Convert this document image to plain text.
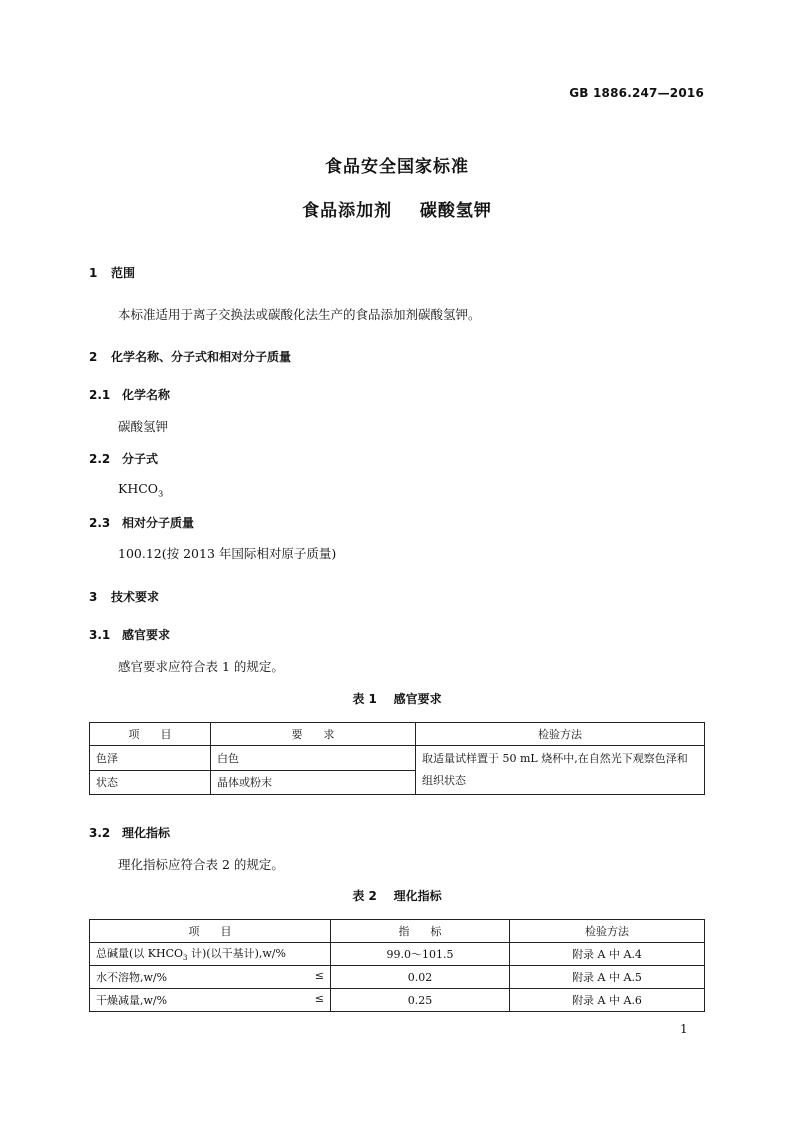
GB 1886.247—2016
食品安全国家标准
食品添加剂    碳酸氢钾
1 范围
本标准适用于离子交换法或碳酸化法生产的食品添加剂碳酸氢钾。
2 化学名称、分子式和相对分子质量
2.1 化学名称
碳酸氢钾
2.2 分子式
$KHCO_3$
2.3 相对分子质量
100.12(按 2013 年国际相对原子质量)
3 技术要求
3.1 感官要求
感官要求应符合表 1 的规定。
表 1    感官要求
项      目	要      求	检验方法
色泽	白色	取适量试样置于 50 mL 烧杯中,在自然光下观察色泽和组织状态
状态	晶体或粉末	
3.2 理化指标
理化指标应符合表 2 的规定。
表 2    理化指标
项      目	指      标	检验方法
总碱量(以 $KHCO_3$ 计)(以干基计),w/%	99.0～101.5	附录 A 中 A.4
水不溶物,w/% ≤	0.02	附录 A 中 A.5
干燥减量,w/% ≤	0.25	附录 A 中 A.6
1
